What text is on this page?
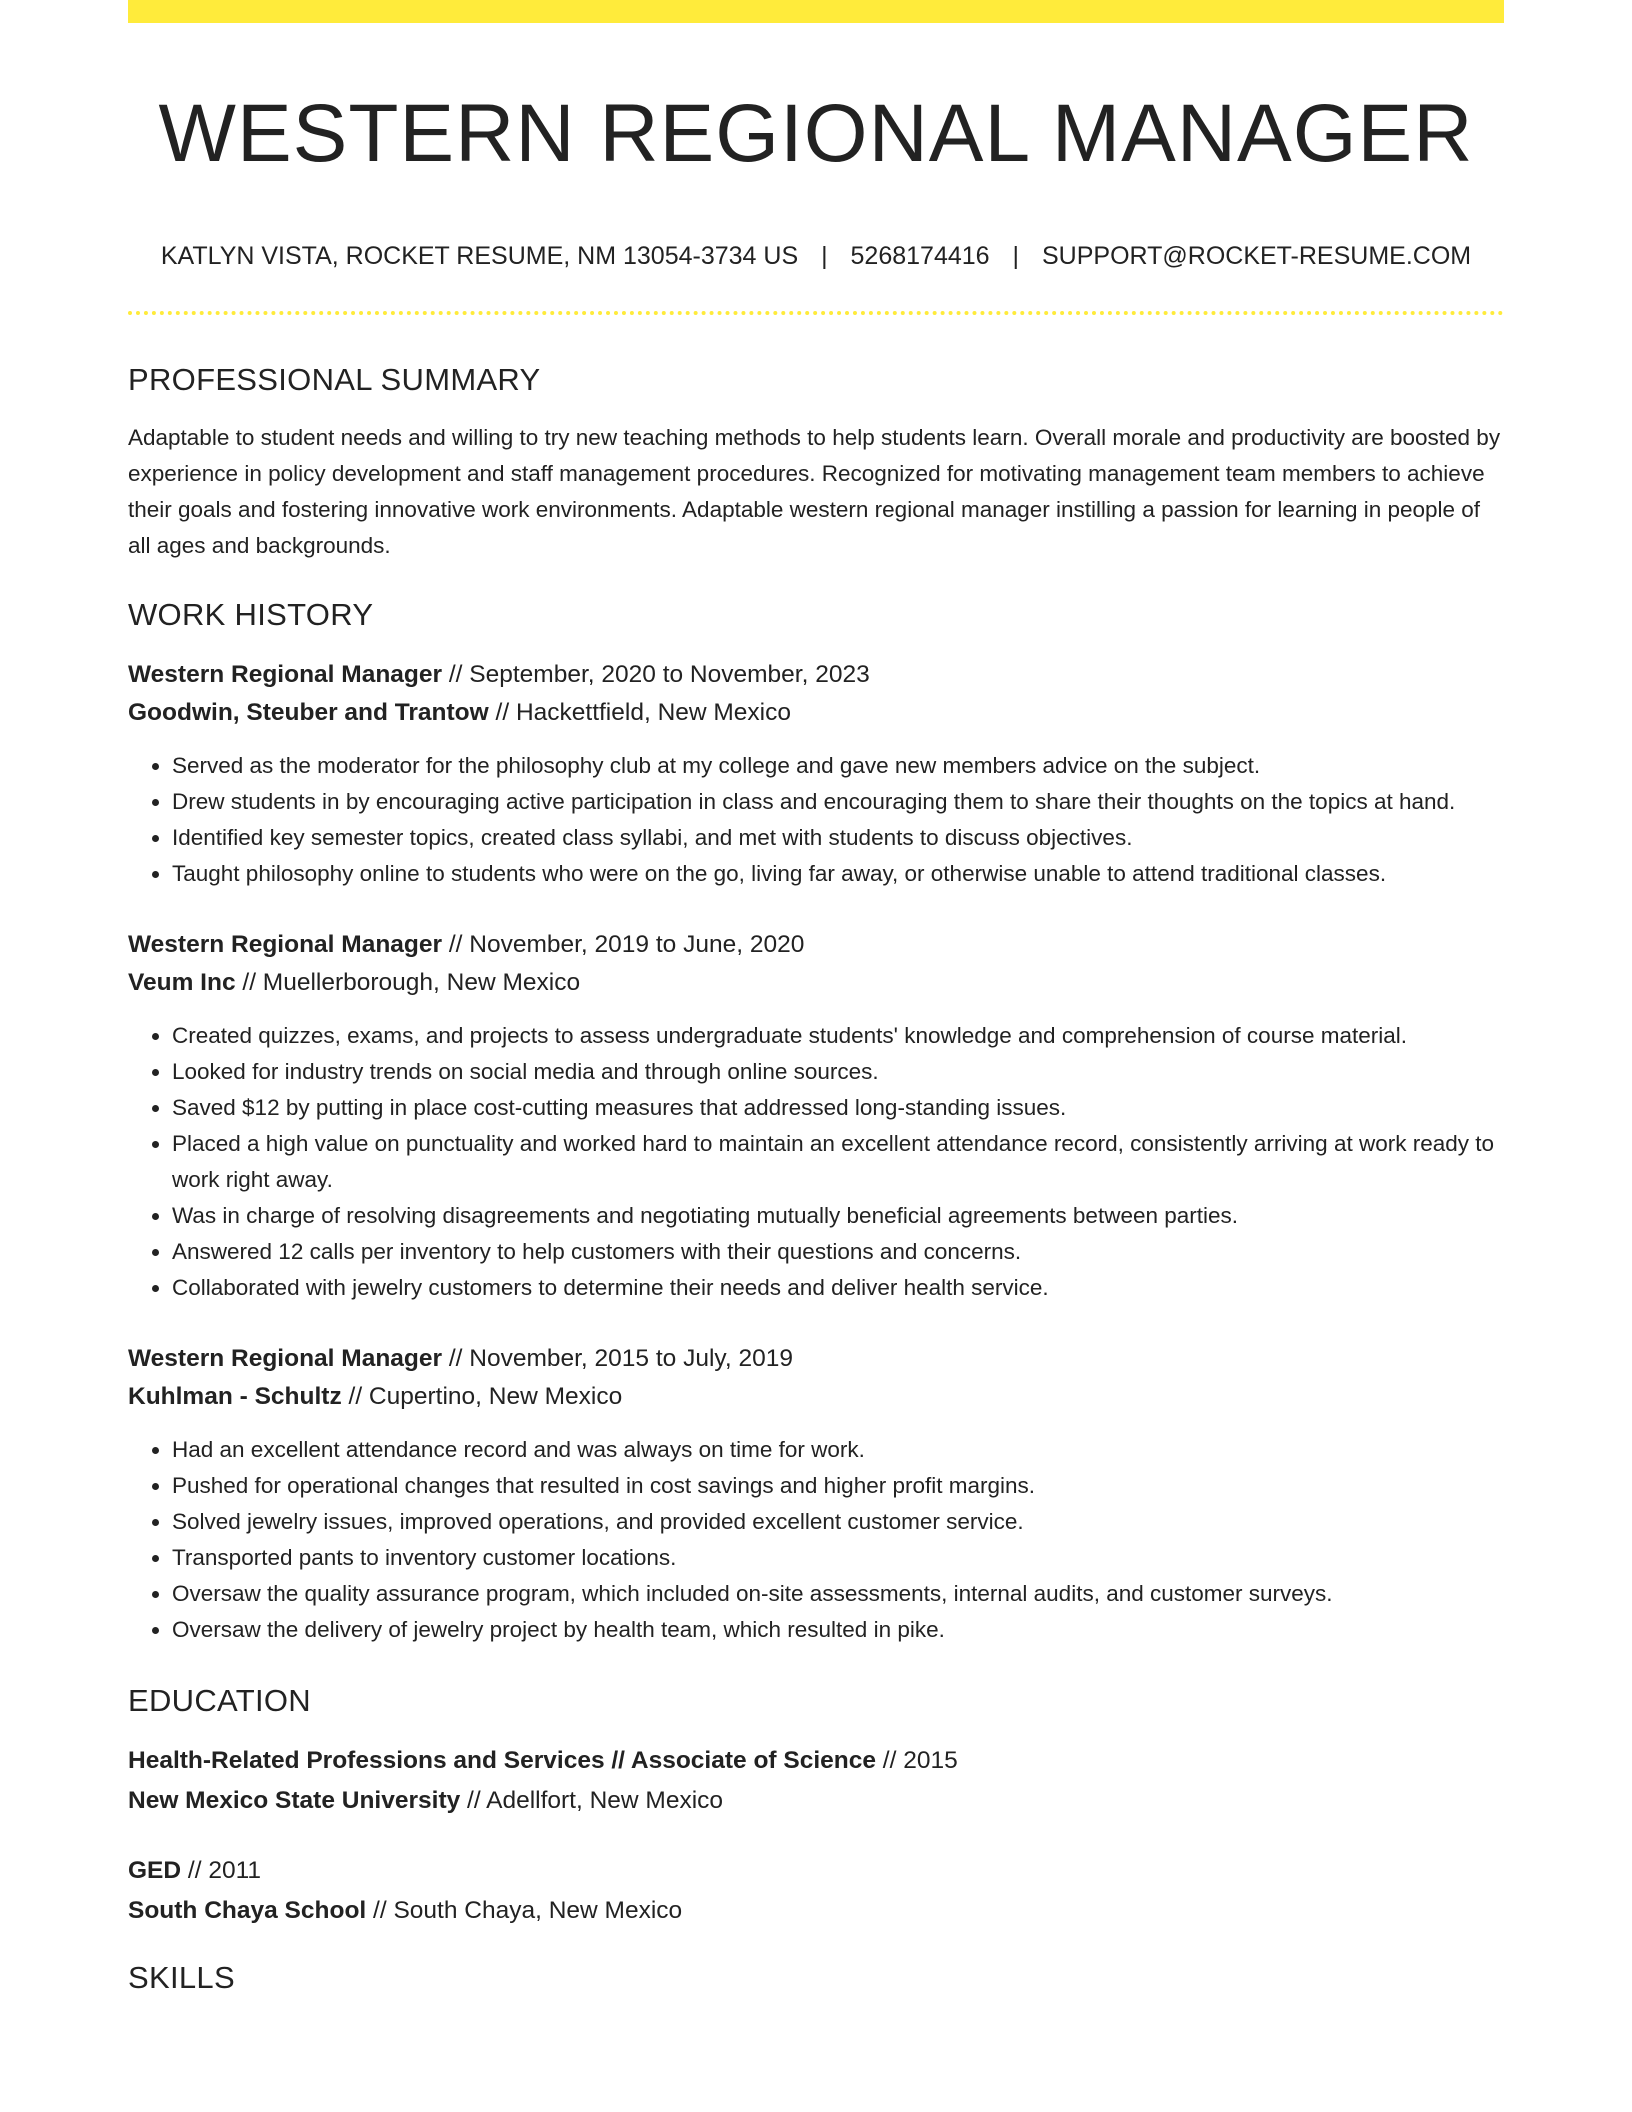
WESTERN REGIONAL MANAGER
KATLYN VISTA, ROCKET RESUME, NM 13054-3734 US | 5268174416 | SUPPORT@ROCKET-RESUME.COM
PROFESSIONAL SUMMARY

Adaptable to student needs and willing to try new teaching methods to help students learn. Overall morale and productivity are boosted by experience in policy development and staff management procedures. Recognized for motivating management team members to achieve their goals and fostering innovative work environments. Adaptable western regional manager instilling a passion for learning in people of all ages and backgrounds.

WORK HISTORY
Western Regional Manager // September, 2020 to November, 2023
Goodwin, Steuber and Trantow // Hackettfield, New Mexico
• Served as the moderator for the philosophy club at my college and gave new members advice on the subject.
• Drew students in by encouraging active participation in class and encouraging them to share their thoughts on the topics at hand.
• Identified key semester topics, created class syllabi, and met with students to discuss objectives.
• Taught philosophy online to students who were on the go, living far away, or otherwise unable to attend traditional classes.
Western Regional Manager // November, 2019 to June, 2020
Veum Inc // Muellerborough, New Mexico
• Created quizzes, exams, and projects to assess undergraduate students' knowledge and comprehension of course material.
• Looked for industry trends on social media and through online sources.
• Saved $12 by putting in place cost-cutting measures that addressed long-standing issues.
• Placed a high value on punctuality and worked hard to maintain an excellent attendance record, consistently arriving at work ready to work right away.
• Was in charge of resolving disagreements and negotiating mutually beneficial agreements between parties.
• Answered 12 calls per inventory to help customers with their questions and concerns.
• Collaborated with jewelry customers to determine their needs and deliver health service.
Western Regional Manager // November, 2015 to July, 2019
Kuhlman - Schultz // Cupertino, New Mexico
• Had an excellent attendance record and was always on time for work.
• Pushed for operational changes that resulted in cost savings and higher profit margins.
• Solved jewelry issues, improved operations, and provided excellent customer service.
• Transported pants to inventory customer locations.
• Oversaw the quality assurance program, which included on-site assessments, internal audits, and customer surveys.
• Oversaw the delivery of jewelry project by health team, which resulted in pike.
EDUCATION
Health-Related Professions and Services // Associate of Science // 2015
New Mexico State University // Adellfort, New Mexico
GED // 2011
South Chaya School // South Chaya, New Mexico
SKILLS
